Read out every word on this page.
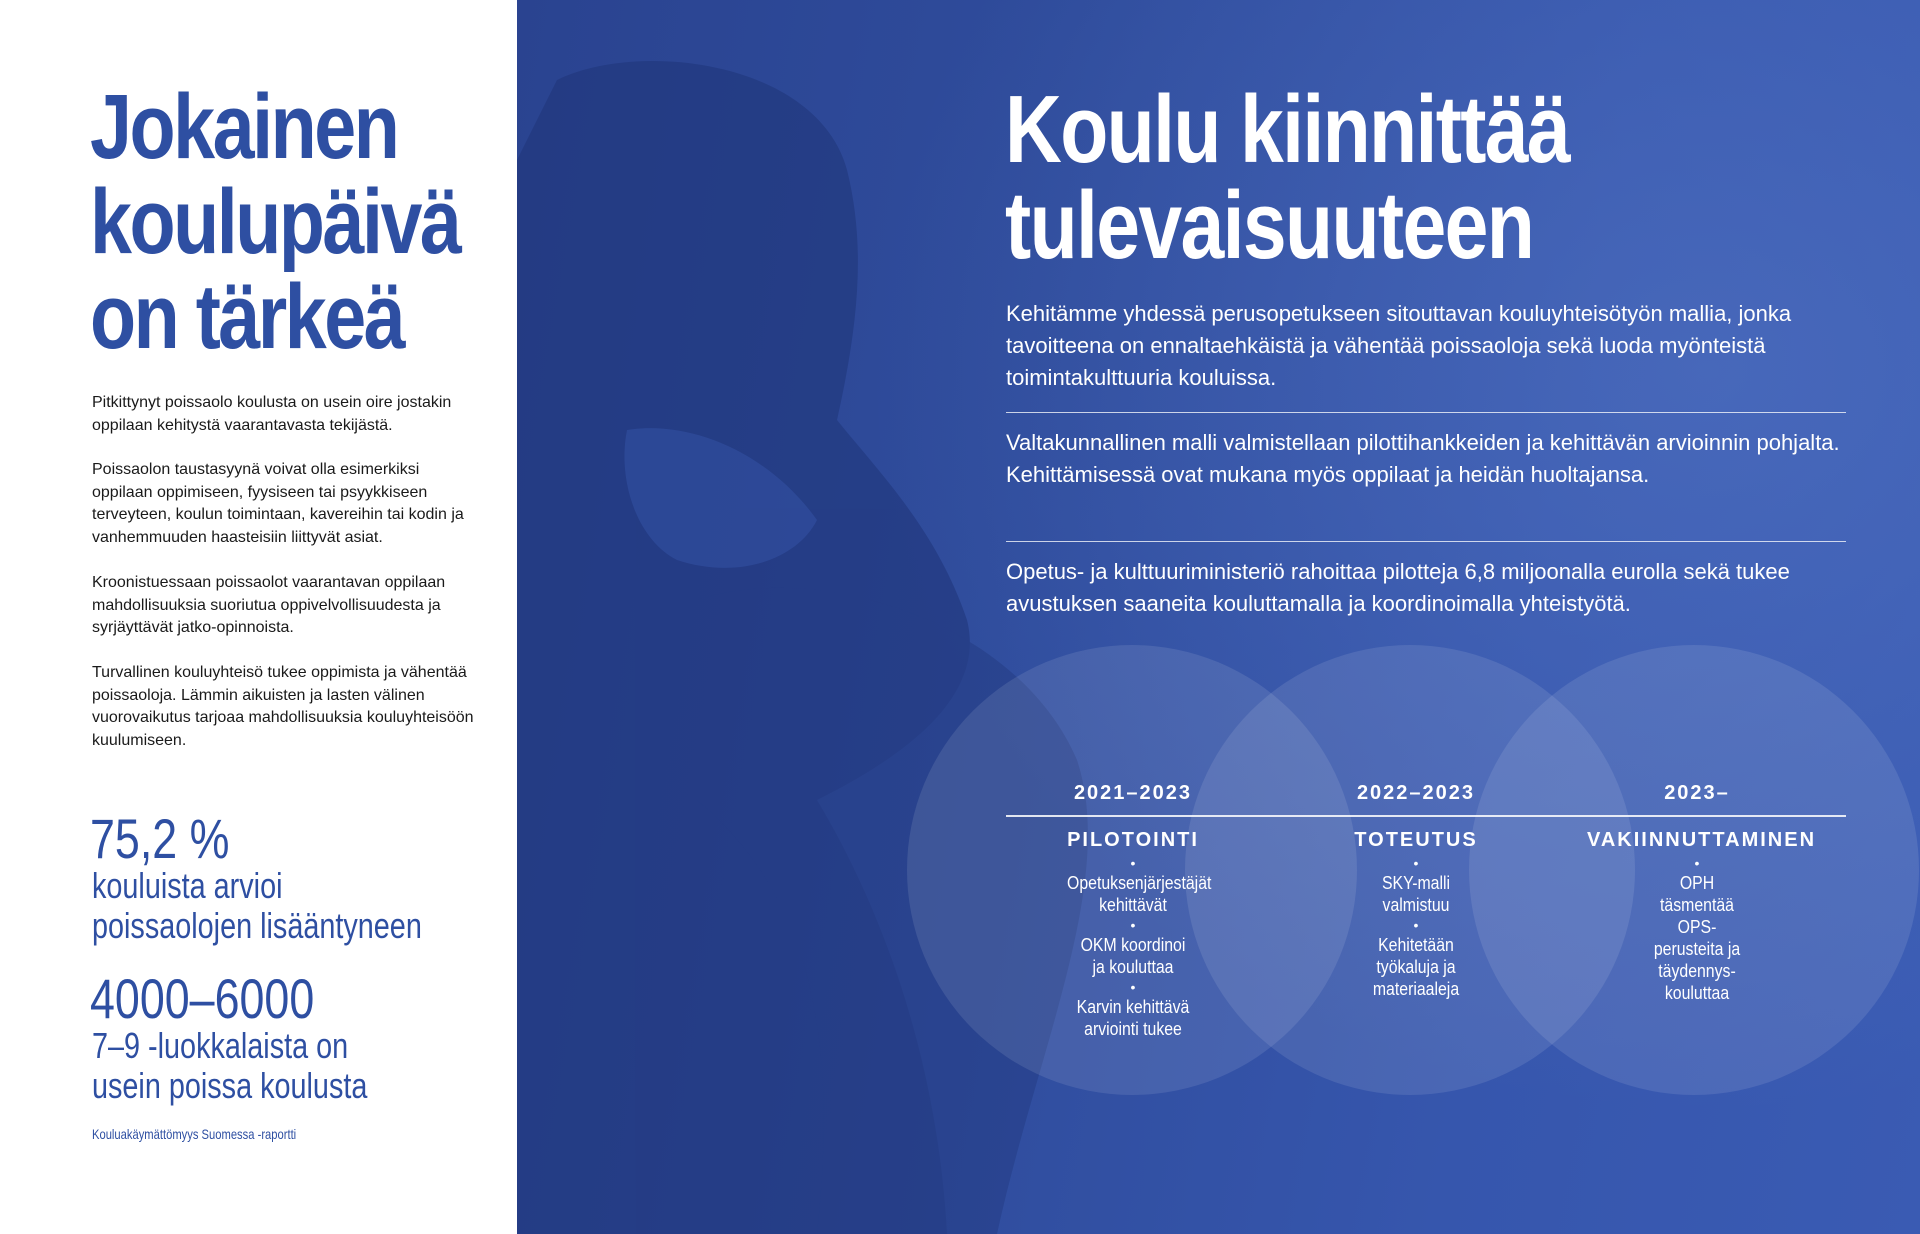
Jokainen
koulupäivä
on tärkeä

Pitkittynyt poissaolo koulusta on usein oire jostakin oppilaan kehitystä vaarantavasta tekijästä.

Poissaolon taustasyynä voivat olla esimerkiksi oppilaan oppimiseen, fyysiseen tai psyykkiseen terveyteen, koulun toimintaan, kavereihin tai kodin ja vanhemmuuden haasteisiin liittyvät asiat.

Kroonistuessaan poissaolot vaarantavan oppilaan mahdollisuuksia suoriutua oppivelvollisuudesta ja syrjäyttävät jatko-opinnoista.

Turvallinen kouluyhteisö tukee oppimista ja vähentää poissaoloja. Lämmin aikuisten ja lasten välinen vuorovaikutus tarjoaa mahdollisuuksia kouluyhteisöön kuulumiseen.

75,2 %
kouluista arvioi
poissaolojen lisääntyneen
4000–6000
7–9 -luokkalaista on
usein poissa koulusta
Kouluakäymättömyys Suomessa -raportti
Koulu kiinnittää
tulevaisuuteen

Kehitämme yhdessä perusopetukseen sitouttavan kouluyhteisötyön mallia, jonka tavoitteena on ennaltaehkäistä ja vähentää poissaoloja sekä luoda myönteistä toimintakulttuuria kouluissa.

Valtakunnallinen malli valmistellaan pilottihankkeiden ja kehittävän arvioinnin pohjalta. Kehittämisessä ovat mukana myös oppilaat ja heidän huoltajansa.

Opetus- ja kulttuuriministeriö rahoittaa pilotteja 6,8 miljoonalla eurolla sekä tukee avustuksen saaneita kouluttamalla ja koordinoimalla yhteistyötä.

2021–2023	2022–2023	2023–

PILOTOINTI

•

Opetuksenjärjestäjät kehittävät

•

OKM koordinoi ja kouluttaa

•

Karvin kehittävä arviointi tukee

TOTEUTUS

•

SKY-malli valmistuu

•

Kehitetään työkaluja ja materiaaleja

VAKIINNUTTAMINEN

•

OPH täsmentää OPS-perusteita ja täydennys-kouluttaa
